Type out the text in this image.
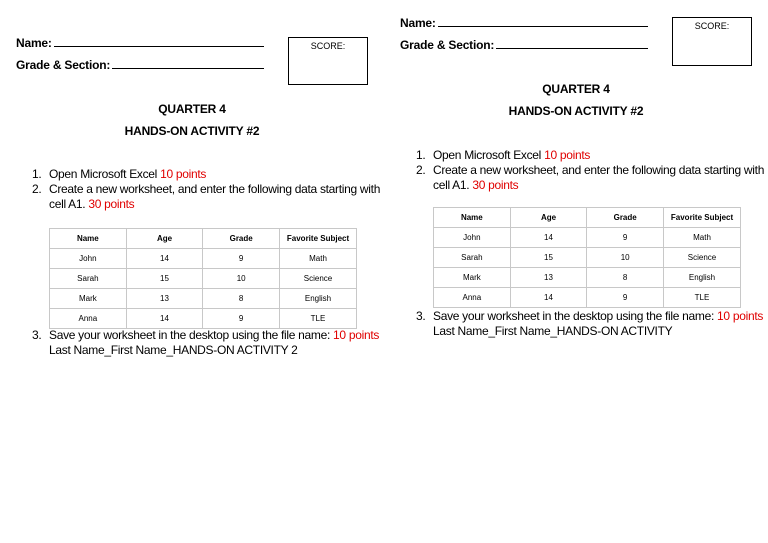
Name:
Grade & Section:
SCORE:
QUARTER 4
HANDS-ON ACTIVITY #2
1. Open Microsoft Excel 10 points
2. Create a new worksheet, and enter the following data starting with
cell A1. 30 points
Name	Age	Grade	Favorite Subject
John	14	9	Math
Sarah	15	10	Science
Mark	13	8	English
Anna	14	9	TLE
3. Save your worksheet in the desktop using the file name: 10 points
Last Name_First Name_HANDS-ON ACTIVITY 2
Name:
Grade & Section:
SCORE:
QUARTER 4
HANDS-ON ACTIVITY #2
1. Open Microsoft Excel 10 points
2. Create a new worksheet, and enter the following data starting with
cell A1. 30 points
Name	Age	Grade	Favorite Subject
John	14	9	Math
Sarah	15	10	Science
Mark	13	8	English
Anna	14	9	TLE
3. Save your worksheet in the desktop using the file name: 10 points
Last Name_First Name_HANDS-ON ACTIVITY
